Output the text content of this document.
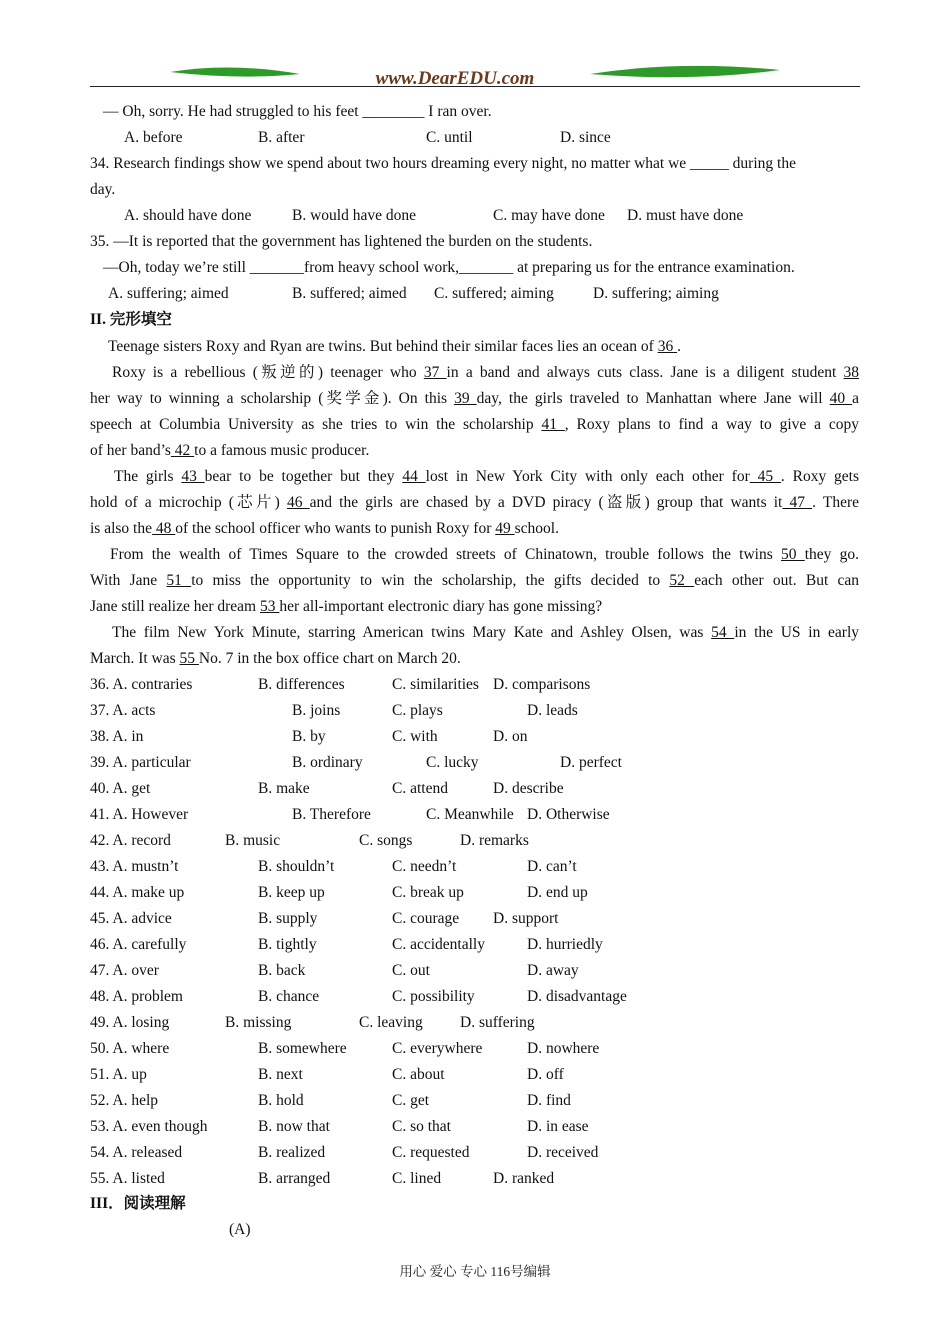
www.DearEDU.com
— Oh, sorry. He had struggled to his feet ________ I ran over.
A. before	B. after	C. until	D. since
34. Research findings show we spend about two hours dreaming every night, no matter what we _____ during the
day.
A. should have done	B. would have done	C. may have done D. must have done
35. —It is reported that the government has lightened the burden on the students.
—Oh, today we’re still _______from heavy school work,_______ at preparing us for the entrance examination.
A. suffering; aimed	B. suffered; aimed C. suffered; aiming	D. suffering; aiming
II. 完形填空
Teenage sisters Roxy and Ryan are twins. But behind their similar faces lies an ocean of 36 .
Roxy is a rebellious (叛逆的) teenager who 37 in a band and always cuts class. Jane is a diligent student 38
her way to winning a scholarship (奖学金). On this 39 day, the girls traveled to Manhattan where Jane will 40 a
speech at Columbia University as she tries to win the scholarship 41 , Roxy plans to find a way to give a copy
of her band’s 42 to a famous music producer.
The girls 43 bear to be together but they 44 lost in New York City with only each other for 45 . Roxy gets
hold of a microchip (芯片) 46 and the girls are chased by a DVD piracy (盗版) group that wants it 47 . There
is also the 48 of the school officer who wants to punish Roxy for 49 school.
From the wealth of Times Square to the crowded streets of Chinatown, trouble follows the twins 50 they go.
With Jane 51 to miss the opportunity to win the scholarship, the gifts decided to 52 each other out. But can
Jane still realize her dream 53 her all-important electronic diary has gone missing?
The film New York Minute, starring American twins Mary Kate and Ashley Olsen, was 54 in the US in early
March. It was 55 No. 7 in the box office chart on March 20.
36. A. contraries	B. differences	C. similarities D. comparisons
37. A. acts	B. joins	C. plays	D. leads
38. A. in	B. by	C. with	D. on
39. A. particular	B. ordinary	C. lucky	D. perfect
40. A. get	B. make	C. attend	D. describe
41. A. However	B. Therefore	C. Meanwhile D. Otherwise
42. A. record	B. music	C. songs	D. remarks
43. A. mustn’t	B. shouldn’t	C. needn’t	D. can’t
44. A. make up	B. keep up	C. break up	D. end up
45. A. advice	B. supply	C. courage D. support
46. A. carefully	B. tightly	C. accidentally	D. hurriedly
47. A. over	B. back	C. out	D. away
48. A. problem	B. chance	C. possibility	D. disadvantage
49. A. losing	B. missing	C. leaving D. suffering
50. A. where	B. somewhere	C. everywhere	D. nowhere
51. A. up	B. next	C. about	D. off
52. A. help	B. hold	C. get	D. find
53. A. even though	B. now that	C. so that	D. in ease
54. A. released	B. realized	C. requested	D. received
55. A. listed	B. arranged	C. lined	D. ranked
III．阅读理解
(A)
用心 爱心 专心 116号编辑
